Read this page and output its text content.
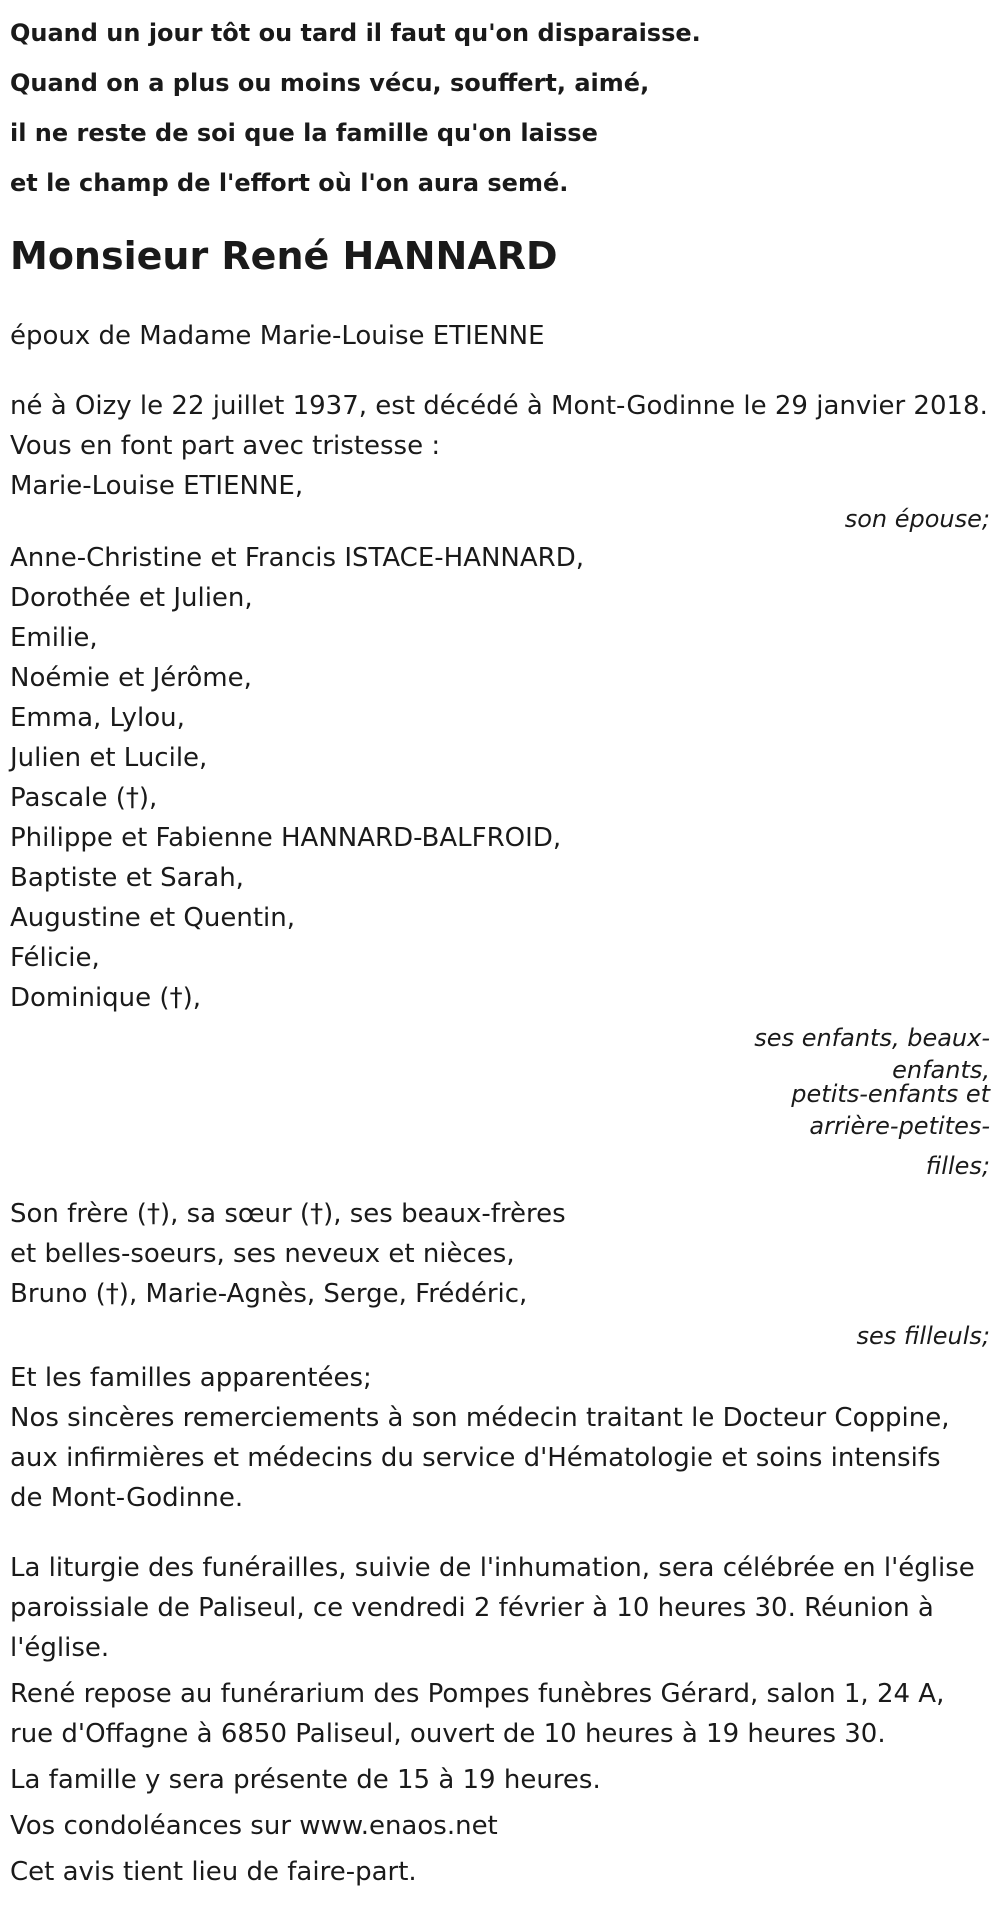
Quand un jour tôt ou tard il faut qu'on disparaisse.
Quand on a plus ou moins vécu, souffert, aimé,
il ne reste de soi que la famille qu'on laisse
et le champ de l'effort où l'on aura semé.
Monsieur René HANNARD
époux de Madame Marie-Louise ETIENNE
né à Oizy le 22 juillet 1937, est décédé à Mont-Godinne le 29 janvier 2018.
Vous en font part avec tristesse :
Marie-Louise ETIENNE,
son épouse;
Anne-Christine et Francis ISTACE-HANNARD,
Dorothée et Julien,
Emilie,
Noémie et Jérôme,
Emma, Lylou,
Julien et Lucile,
Pascale (†),
Philippe et Fabienne HANNARD-BALFROID,
Baptiste et Sarah,
Augustine et Quentin,
Félicie,
Dominique (†),
ses enfants, beaux-
enfants,
petits-enfants et
arrière-petites-
filles;
Son frère (†), sa sœur (†), ses beaux-frères
et belles-soeurs, ses neveux et nièces,
Bruno (†), Marie-Agnès, Serge, Frédéric,
ses filleuls;
Et les familles apparentées;
Nos sincères remerciements à son médecin traitant le Docteur Coppine,
aux infirmières et médecins du service d'Hématologie et soins intensifs
de Mont-Godinne.
La liturgie des funérailles, suivie de l'inhumation, sera célébrée en l'église
paroissiale de Paliseul, ce vendredi 2 février à 10 heures 30. Réunion à
l'église.
René repose au funérarium des Pompes funèbres Gérard, salon 1, 24 A,
rue d'Offagne à 6850 Paliseul, ouvert de 10 heures à 19 heures 30.
La famille y sera présente de 15 à 19 heures.
Vos condoléances sur www.enaos.net
Cet avis tient lieu de faire-part.
